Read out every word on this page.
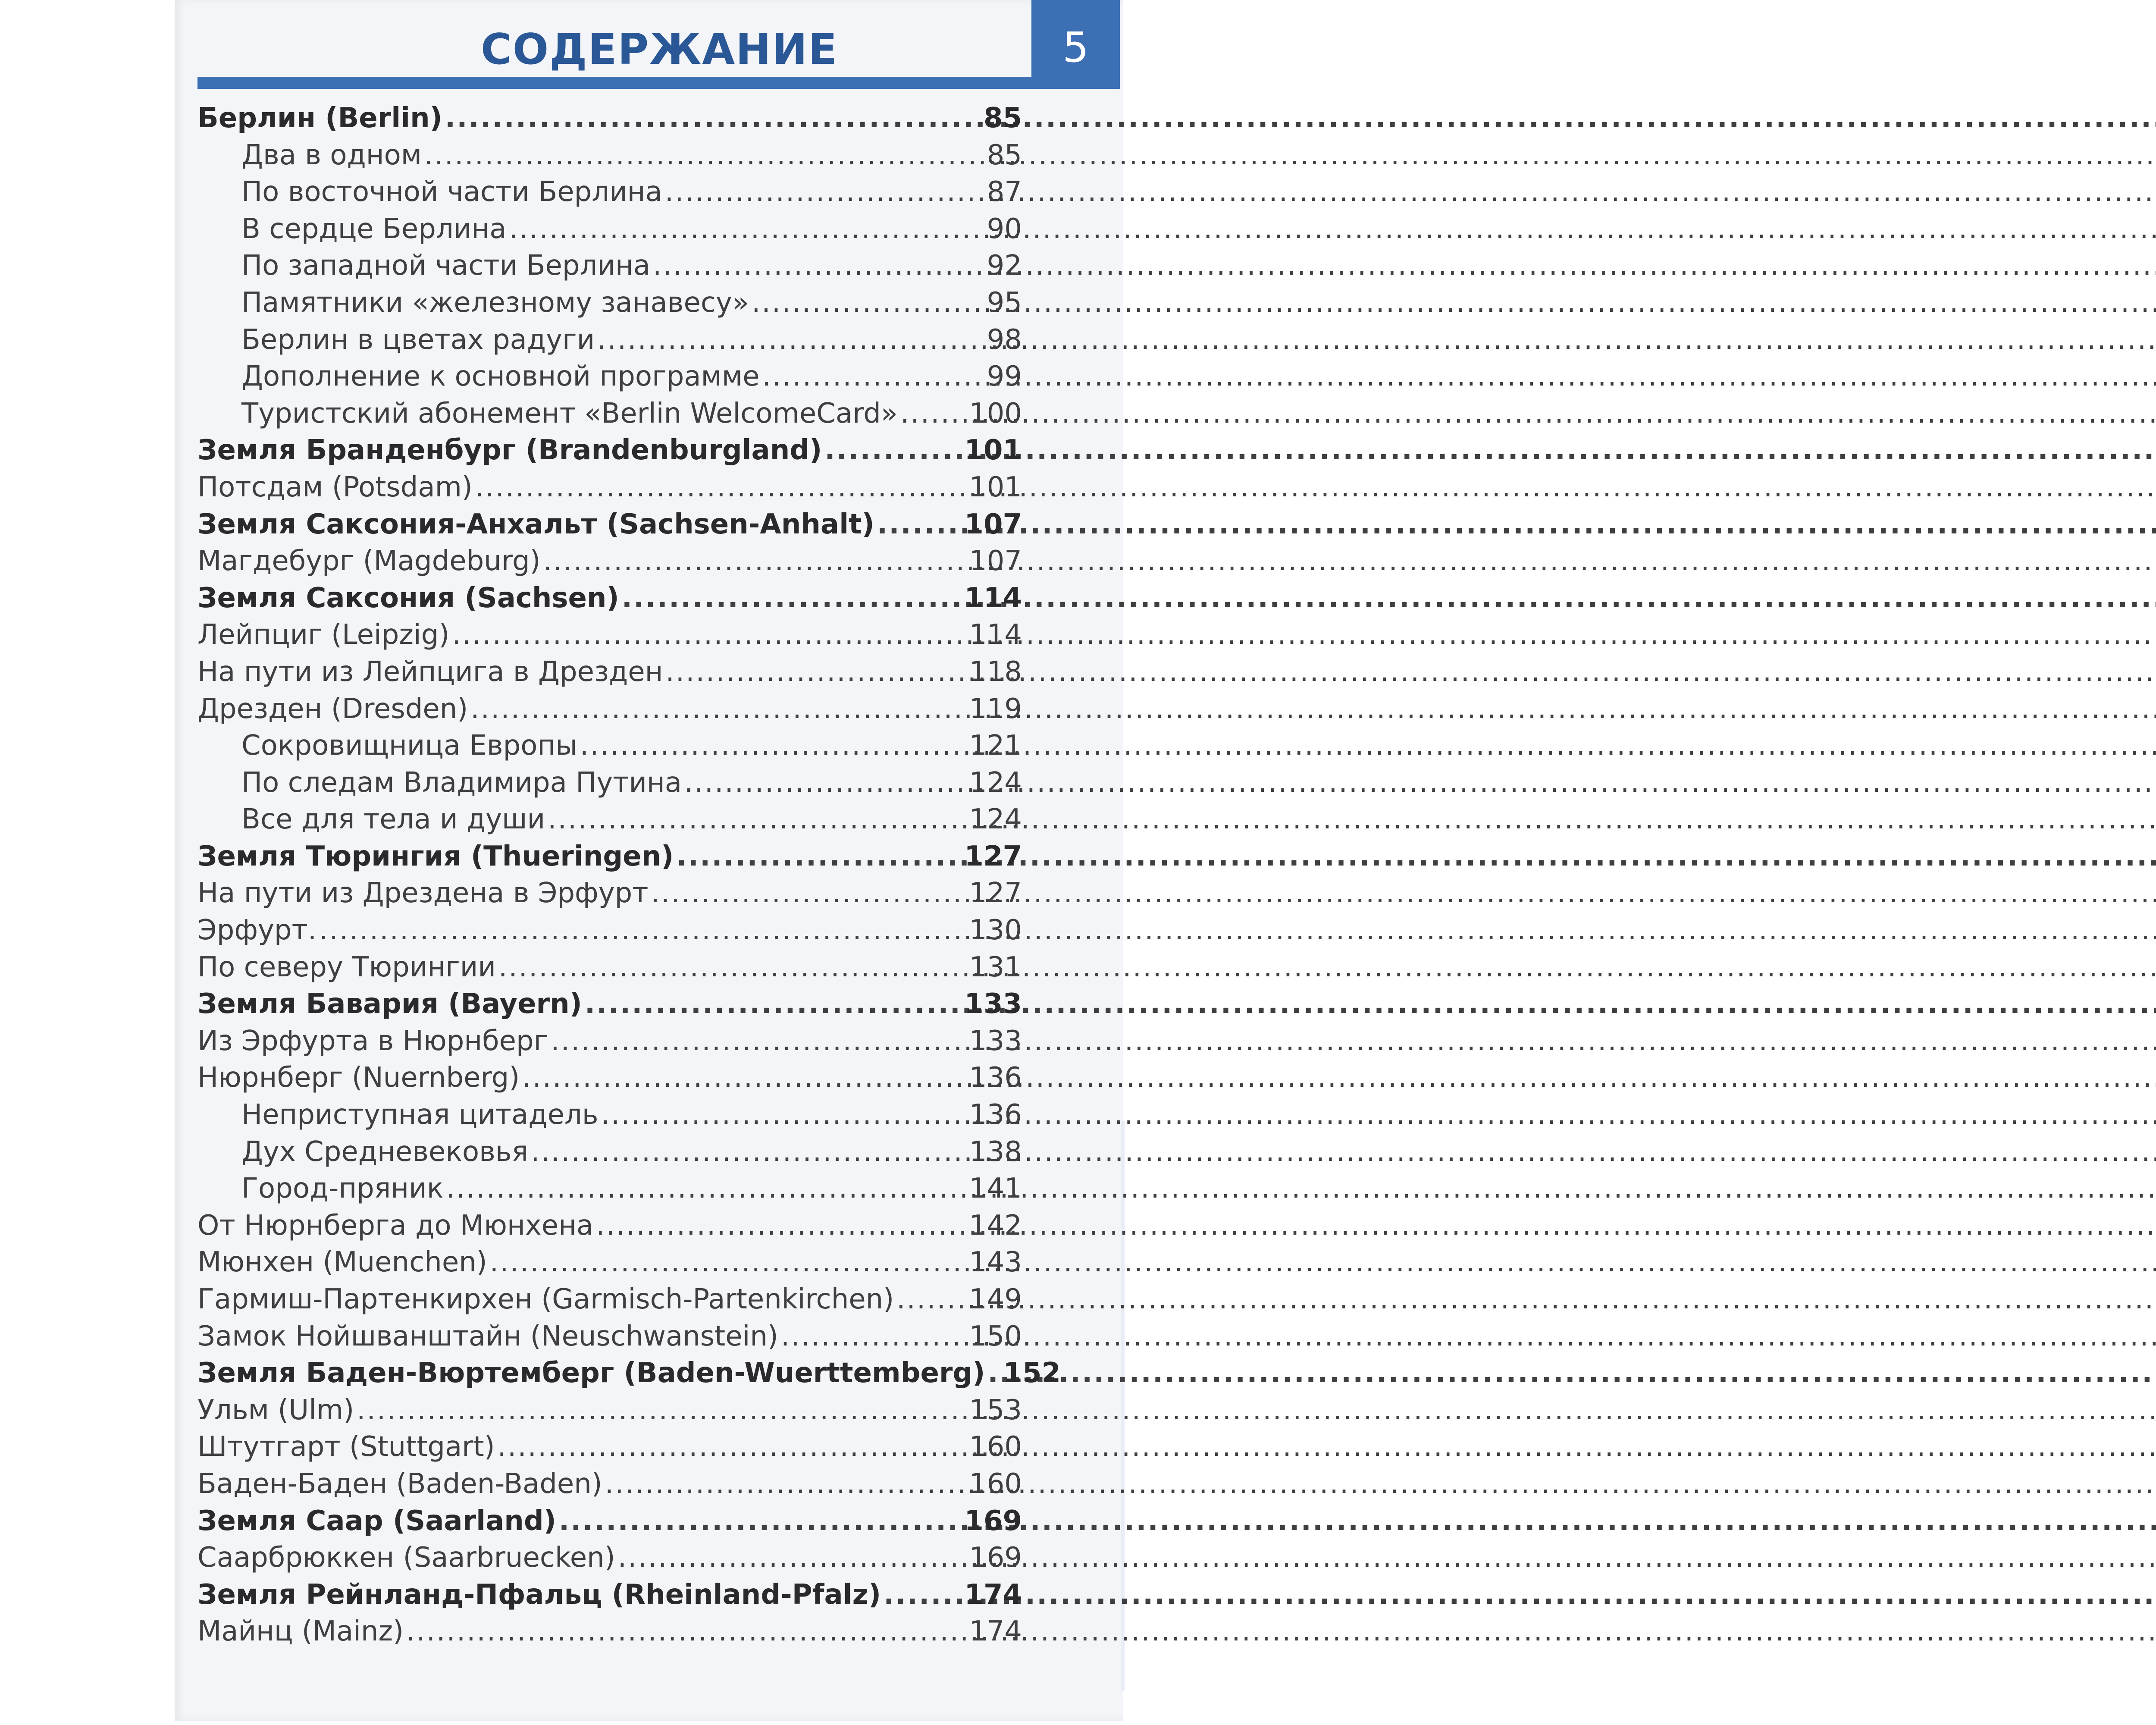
СОДЕРЖАНИЕ	5
Берлин (Berlin) .....	85
Два в одном .....	85
По восточной части Берлина .....	87
В сердце Берлина .....	90
По западной части Берлина .....	92
Памятники «железному занавесу» .....	95
Берлин в цветах радуги .....	98
Дополнение к основной программе .....	99
Туристский абонемент «Berlin WelcomeCard» .....	100
Земля Бранденбург (Brandenburgland) .....	101
Потсдам (Potsdam) .....	101
Земля Саксония-Анхальт (Sachsen-Anhalt) .....	107
Магдебург (Magdeburg) .....	107
Земля Саксония (Sachsen) .....	114
Лейпциг (Leipzig) .....	114
На пути из Лейпцига в Дрезден .....	118
Дрезден (Dresden) .....	119
Сокровищница Европы .....	121
По следам Владимира Путина .....	124
Все для тела и души .....	124
Земля Тюрингия (Thueringen) .....	127
На пути из Дрездена в Эрфурт .....	127
Эрфурт. .....	130
По северу Тюрингии .....	131
Земля Бавария (Bayern) .....	133
Из Эрфурта в Нюрнберг .....	133
Нюрнберг (Nuernberg) .....	136
Неприступная цитадель .....	136
Дух Средневековья .....	138
Город-пряник .....	141
От Нюрнберга до Мюнхена .....	142
Мюнхен (Muenchen) .....	143
Гармиш-Партенкирхен (Garmisch-Partenkirchen) .....	149
Замок Нойшванштайн (Neuschwanstein) .....	150
Земля Баден-Вюртемберг (Baden-Wuerttemberg) ..... 152
Ульм (Ulm) .....	153
Штутгарт (Stuttgart) .....	160
Баден-Баден (Baden-Baden) .....	160
Земля Саар (Saarland) .....	169
Саарбрюккен (Saarbruecken) .....	169
Земля Рейнланд-Пфальц (Rheinland-Pfalz) .....	174
Майнц (Mainz) .....	174
